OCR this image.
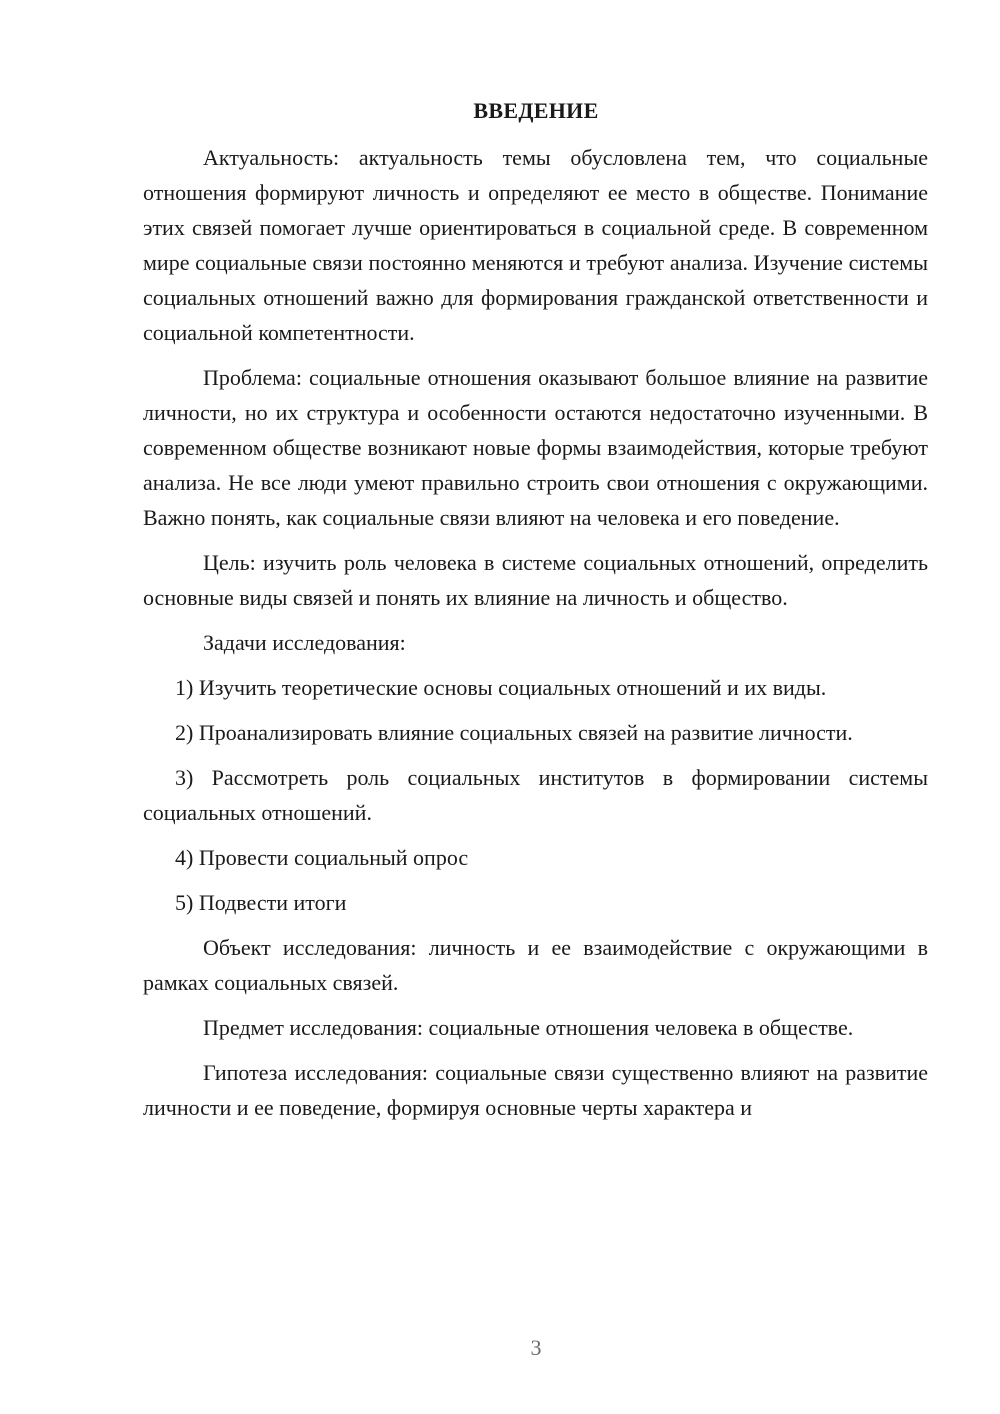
ВВЕДЕНИЕ

Актуальность: актуальность темы обусловлена тем, что социальные отношения формируют личность и определяют ее место в обществе. Понимание этих связей помогает лучше ориентироваться в социальной среде. В современном мире социальные связи постоянно меняются и требуют анализа. Изучение системы социальных отношений важно для формирования гражданской ответственности и социальной компетентности.

Проблема: социальные отношения оказывают большое влияние на развитие личности, но их структура и особенности остаются недостаточно изученными. В современном обществе возникают новые формы взаимодействия, которые требуют анализа. Не все люди умеют правильно строить свои отношения с окружающими. Важно понять, как социальные связи влияют на человека и его поведение.

Цель: изучить роль человека в системе социальных отношений, определить основные виды связей и понять их влияние на личность и общество.

Задачи исследования:

1) Изучить теоретические основы социальных отношений и их виды.

2) Проанализировать влияние социальных связей на развитие личности.

3) Рассмотреть роль социальных институтов в формировании системы социальных отношений.

4) Провести социальный опрос

5) Подвести итоги

Объект исследования: личность и ее взаимодействие с окружающими в рамках социальных связей.

Предмет исследования: социальные отношения человека в обществе.

Гипотеза исследования: социальные связи существенно влияют на развитие личности и ее поведение, формируя основные черты характера и

3
